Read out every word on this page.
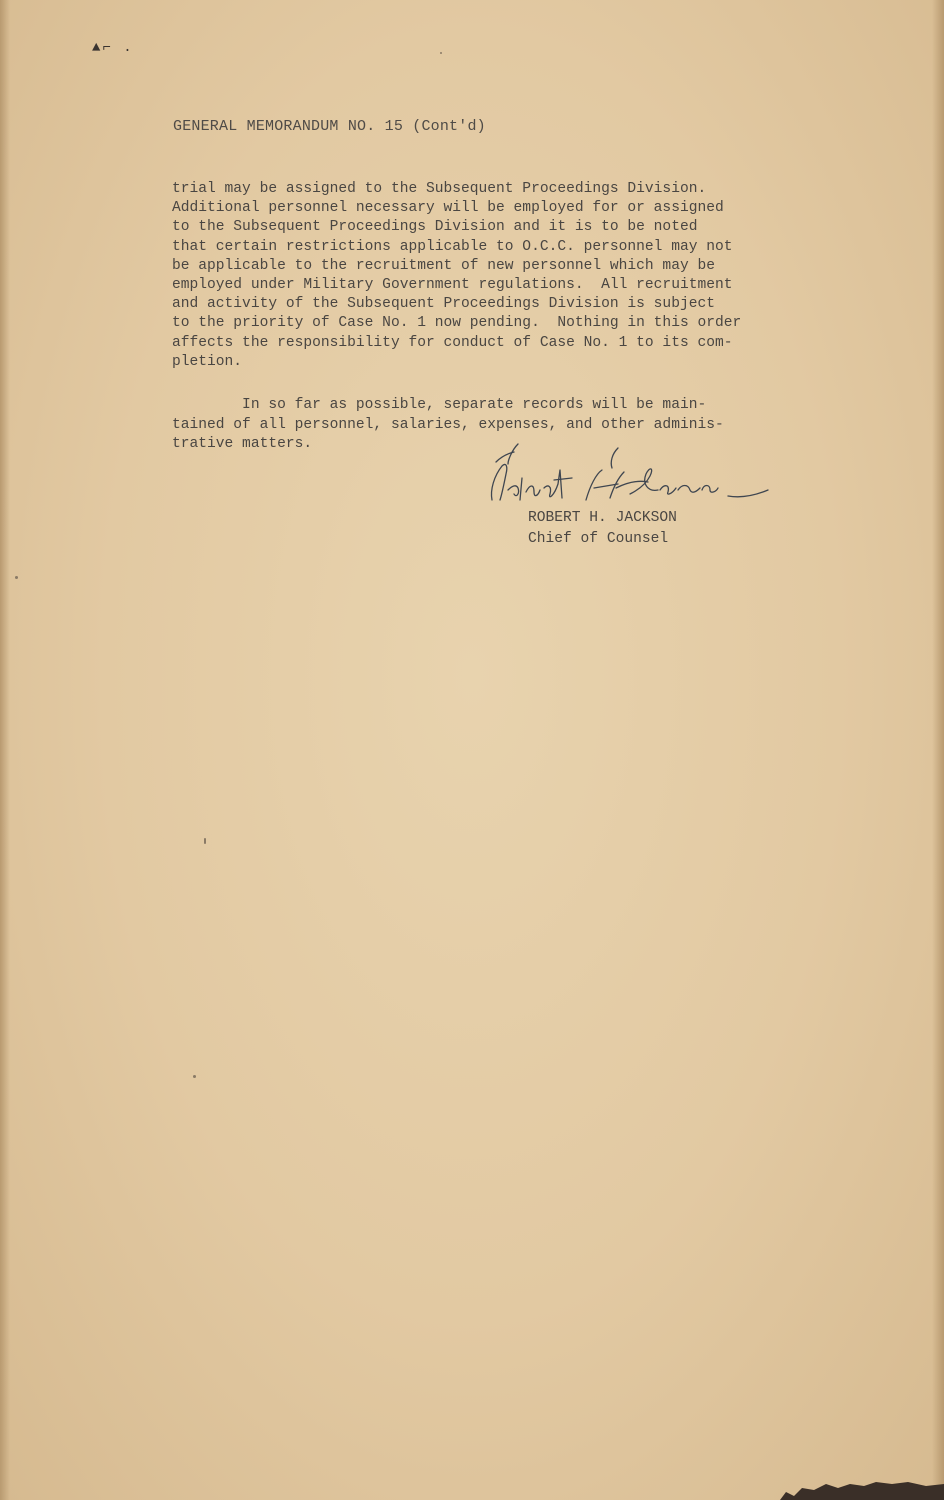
▲⌐ .
GENERAL MEMORANDUM NO. 15 (Cont'd)
trial may be assigned to the Subsequent Proceedings Division.
Additional personnel necessary will be employed for or assigned
to the Subsequent Proceedings Division and it is to be noted
that certain restrictions applicable to O.C.C. personnel may not
be applicable to the recruitment of new personnel which may be
employed under Military Government regulations.  All recruitment
and activity of the Subsequent Proceedings Division is subject
to the priority of Case No. 1 now pending.  Nothing in this order
affects the responsibility for conduct of Case No. 1 to its com-
pletion.
In so far as possible, separate records will be main-
tained of all personnel, salaries, expenses, and other adminis-
trative matters.
ROBERT H. JACKSON
Chief of Counsel
